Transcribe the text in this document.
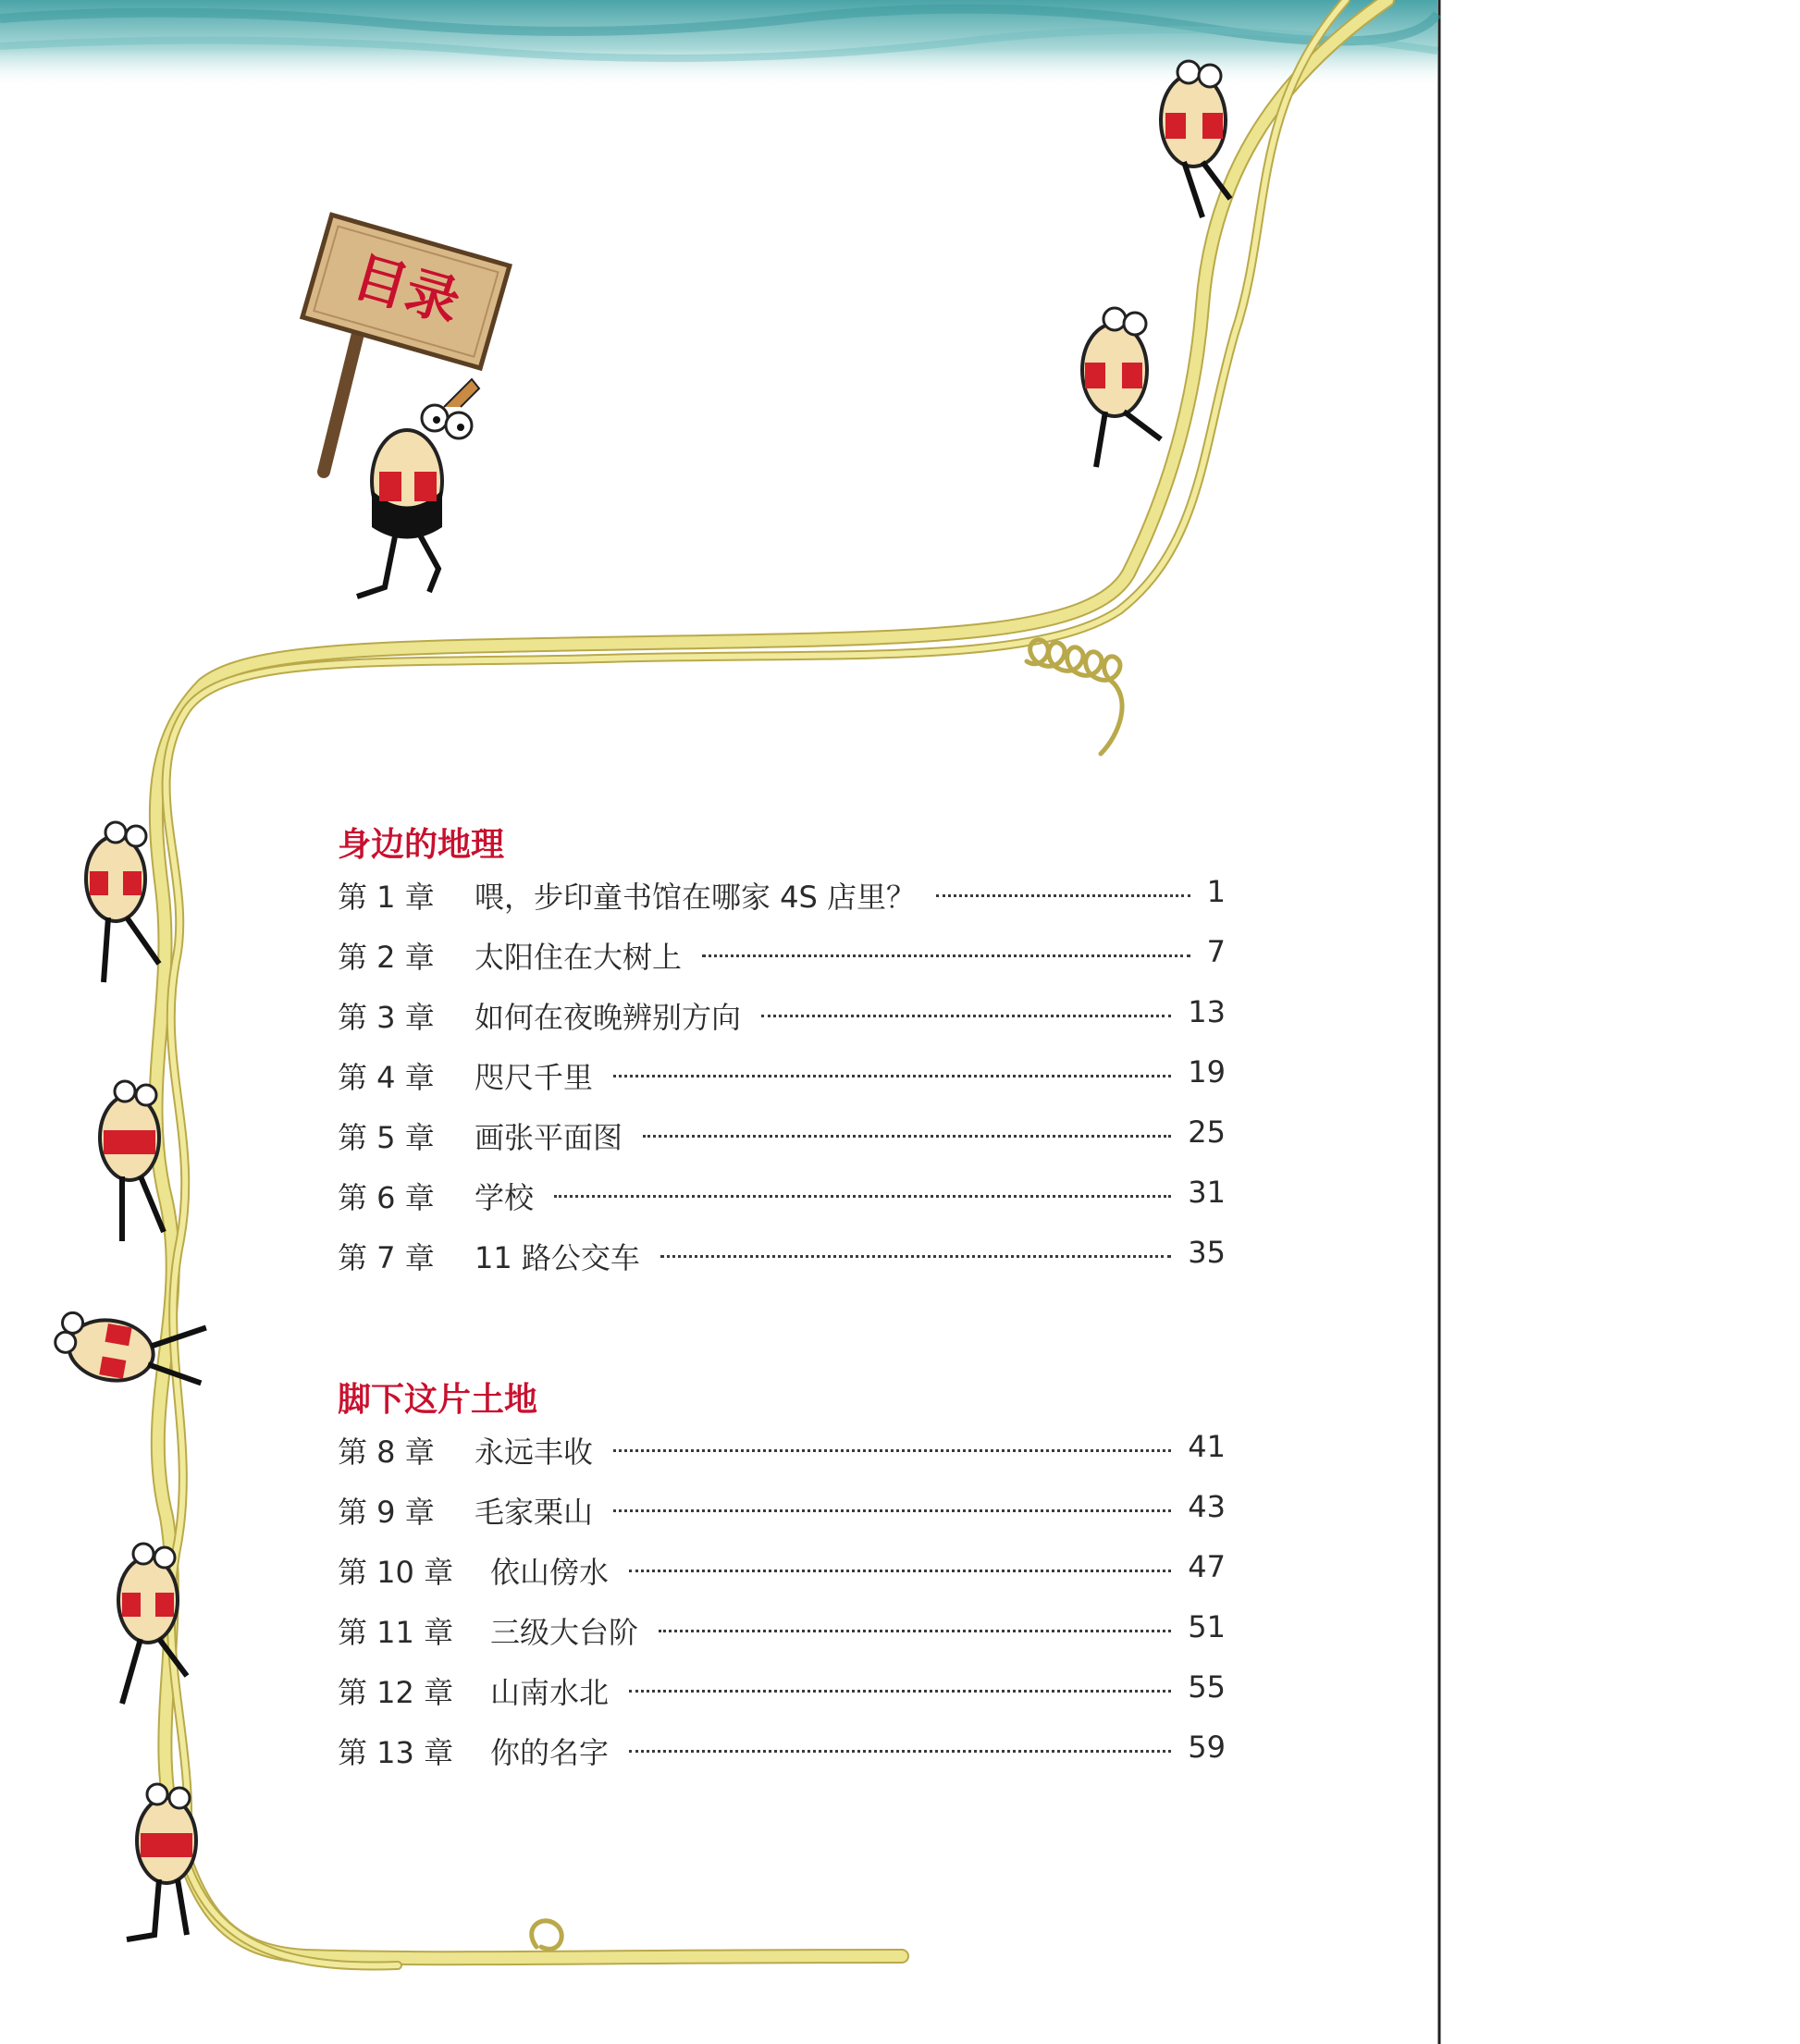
目录
身边的地理
第 1 章 喂，步印童书馆在哪家 4S 店里？	1
第 2 章 太阳住在大树上	7
第 3 章 如何在夜晚辨别方向	13
第 4 章 咫尺千里	19
第 5 章 画张平面图	25
第 6 章 学校	31
第 7 章 11 路公交车	35
脚下这片土地
第 8 章 永远丰收	41
第 9 章 毛家栗山	43
第 10 章 依山傍水	47
第 11 章 三级大台阶	51
第 12 章 山南水北	55
第 13 章 你的名字	59
